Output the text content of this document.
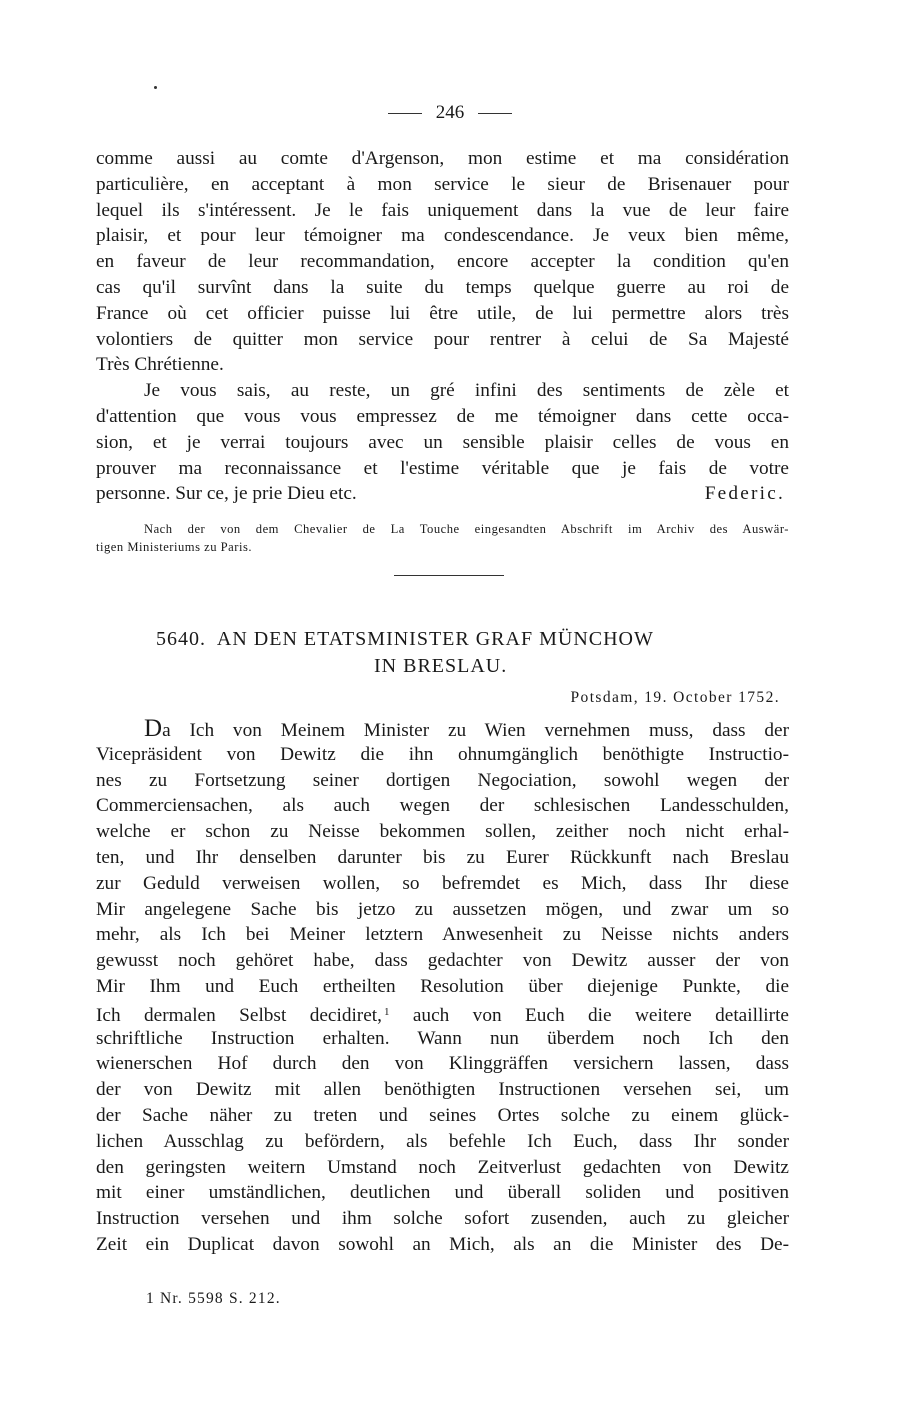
246
comme aussi au comte d'Argenson, mon estime et ma considération
particulière, en acceptant à mon service le sieur de Brisenauer pour
lequel ils s'intéressent. Je le fais uniquement dans la vue de leur faire
plaisir, et pour leur témoigner ma condescendance. Je veux bien même,
en faveur de leur recommandation, encore accepter la condition qu'en
cas qu'il survînt dans la suite du temps quelque guerre au roi de
France où cet officier puisse lui être utile, de lui permettre alors très
volontiers de quitter mon service pour rentrer à celui de Sa Majesté
Très Chrétienne.
Je vous sais, au reste, un gré infini des sentiments de zèle et
d'attention que vous vous empressez de me témoigner dans cette occa-
sion, et je verrai toujours avec un sensible plaisir celles de vous en
prouver ma reconnaissance et l'estime véritable que je fais de votre
personne. Sur ce, je prie Dieu etc.	Federic.
Nach der von dem Chevalier de La Touche eingesandten Abschrift im Archiv des Auswär-
tigen Ministeriums zu Paris.
5640. AN DEN ETATSMINISTER GRAF MÜNCHOW
IN BRESLAU.
Potsdam, 19. October 1752.
Da Ich von Meinem Minister zu Wien vernehmen muss, dass der
Vicepräsident von Dewitz die ihn ohnumgänglich benöthigte Instructio-
nes zu Fortsetzung seiner dortigen Negociation, sowohl wegen der
Commerciensachen, als auch wegen der schlesischen Landesschulden,
welche er schon zu Neisse bekommen sollen, zeither noch nicht erhal-
ten, und Ihr denselben darunter bis zu Eurer Rückkunft nach Breslau
zur Geduld verweisen wollen, so befremdet es Mich, dass Ihr diese
Mir angelegene Sache bis jetzo zu aussetzen mögen, und zwar um so
mehr, als Ich bei Meiner letztern Anwesenheit zu Neisse nichts anders
gewusst noch gehöret habe, dass gedachter von Dewitz ausser der von
Mir Ihm und Euch ertheilten Resolution über diejenige Punkte, die
Ich dermalen Selbst decidiret, $^1$ auch von Euch die weitere detaillirte
schriftliche Instruction erhalten. Wann nun überdem noch Ich den
wienerschen Hof durch den von Klinggräffen versichern lassen, dass
der von Dewitz mit allen benöthigten Instructionen versehen sei, um
der Sache näher zu treten und seines Ortes solche zu einem glück-
lichen Ausschlag zu befördern, als befehle Ich Euch, dass Ihr sonder
den geringsten weitern Umstand noch Zeitverlust gedachten von Dewitz
mit einer umständlichen, deutlichen und überall soliden und positiven
Instruction versehen und ihm solche sofort zusenden, auch zu gleicher
Zeit ein Duplicat davon sowohl an Mich, als an die Minister des De-
1 Nr. 5598 S. 212.
